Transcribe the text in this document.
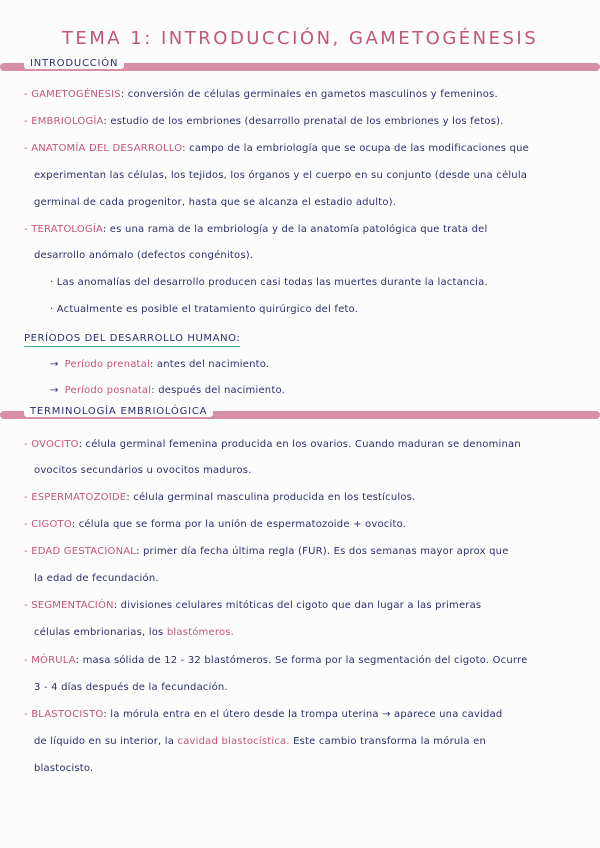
TEMA 1: INTRODUCCIÓN, GAMETOGÉNESIS
INTRODUCCIÓN
- GAMETOGÉNESIS: conversión de células germinales en gametos masculinos y femeninos.
- EMBRIOLOGÍA: estudio de los embriones (desarrollo prenatal de los embriones y los fetos).
- ANATOMÍA DEL DESARROLLO: campo de la embriología que se ocupa de las modificaciones que
experimentan las células, los tejidos, los órganos y el cuerpo en su conjunto (desde una célula
germinal de cada progenitor, hasta que se alcanza el estadio adulto).
- TERATOLOGÍA: es una rama de la embriología y de la anatomía patológica que trata del
desarrollo anómalo (defectos congénitos).
· Las anomalías del desarrollo producen casi todas las muertes durante la lactancia.
· Actualmente es posible el tratamiento quirúrgico del feto.
PERÍODOS DEL DESARROLLO HUMANO:
→ Período prenatal: antes del nacimiento.
→ Período posnatal: después del nacimiento.
TERMINOLOGÍA EMBRIOLÓGICA
- OVOCITO: célula germinal femenina producida en los ovarios. Cuando maduran se denominan
ovocitos secundarios u ovocitos maduros.
- ESPERMATOZOIDE: célula germinal masculina producida en los testículos.
- CIGOTO: célula que se forma por la unión de espermatozoide + ovocito.
- EDAD GESTACIONAL: primer día fecha última regla (FUR). Es dos semanas mayor aprox que
la edad de fecundación.
- SEGMENTACIÓN: divisiones celulares mitóticas del cigoto que dan lugar a las primeras
células embrionarias, los blastómeros.
- MÓRULA: masa sólida de 12 - 32 blastómeros. Se forma por la segmentación del cigoto. Ocurre
3 - 4 días después de la fecundación.
- BLASTOCISTO: la mórula entra en el útero desde la trompa uterina → aparece una cavidad
de líquido en su interior, la cavidad blastocística. Este cambio transforma la mórula en
blastocisto.
